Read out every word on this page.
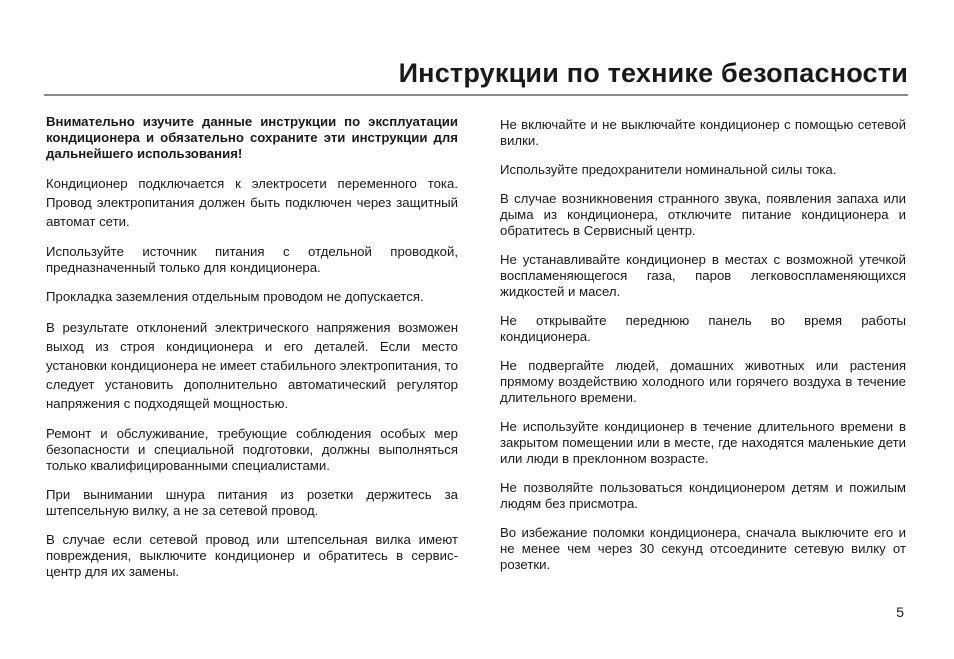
Инструкции по технике безопасности

Внимательно изучите данные инструкции по эксплуатации кондиционера и обязательно сохраните эти инструкции для дальнейшего использования!

Кондиционер подключается к электросети переменного тока. Провод электропитания должен быть подключен через защитный автомат сети.

Используйте источник питания с отдельной проводкой, предназначенный только для кондиционера.

Прокладка заземления отдельным проводом не допускается.

В результате отклонений электрического напряжения возможен выход из строя кондиционера и его деталей. Если место установки кондиционера не имеет стабильного электропитания, то следует установить дополнительно автоматический регулятор напряжения с подходящей мощностью.

Ремонт и обслуживание, требующие соблюдения особых мер безопасности и специальной подготовки, должны выполняться только квалифицированными специалистами.

При вынимании шнура питания из розетки держитесь за штепсельную вилку, а не за сетевой провод.

В случае если сетевой провод или штепсельная вилка имеют повреждения, выключите кондиционер и обратитесь в сервис-центр для их замены.

Не включайте и не выключайте кондиционер с помощью сетевой вилки.

Используйте предохранители номинальной силы тока.

В случае возникновения странного звука, появления запаха или дыма из кондиционера, отключите питание кондиционера и обратитесь в Сервисный центр.

Не устанавливайте кондиционер в местах с возможной утечкой воспламеняющегося газа, паров легковоспламеняющихся жидкостей и масел.

Не открывайте переднюю панель во время работы кондиционера.

Не подвергайте людей, домашних животных или растения прямому воздействию холодного или горячего воздуха в течение длительного времени.

Не используйте кондиционер в течение длительного времени в закрытом помещении или в месте, где находятся маленькие дети или люди в преклонном возрасте.

Не позволяйте пользоваться кондиционером детям и пожилым людям без присмотра.

Во избежание поломки кондиционера, сначала выключите его и не менее чем через 30 секунд отсоедините сетевую вилку от розетки.

5
